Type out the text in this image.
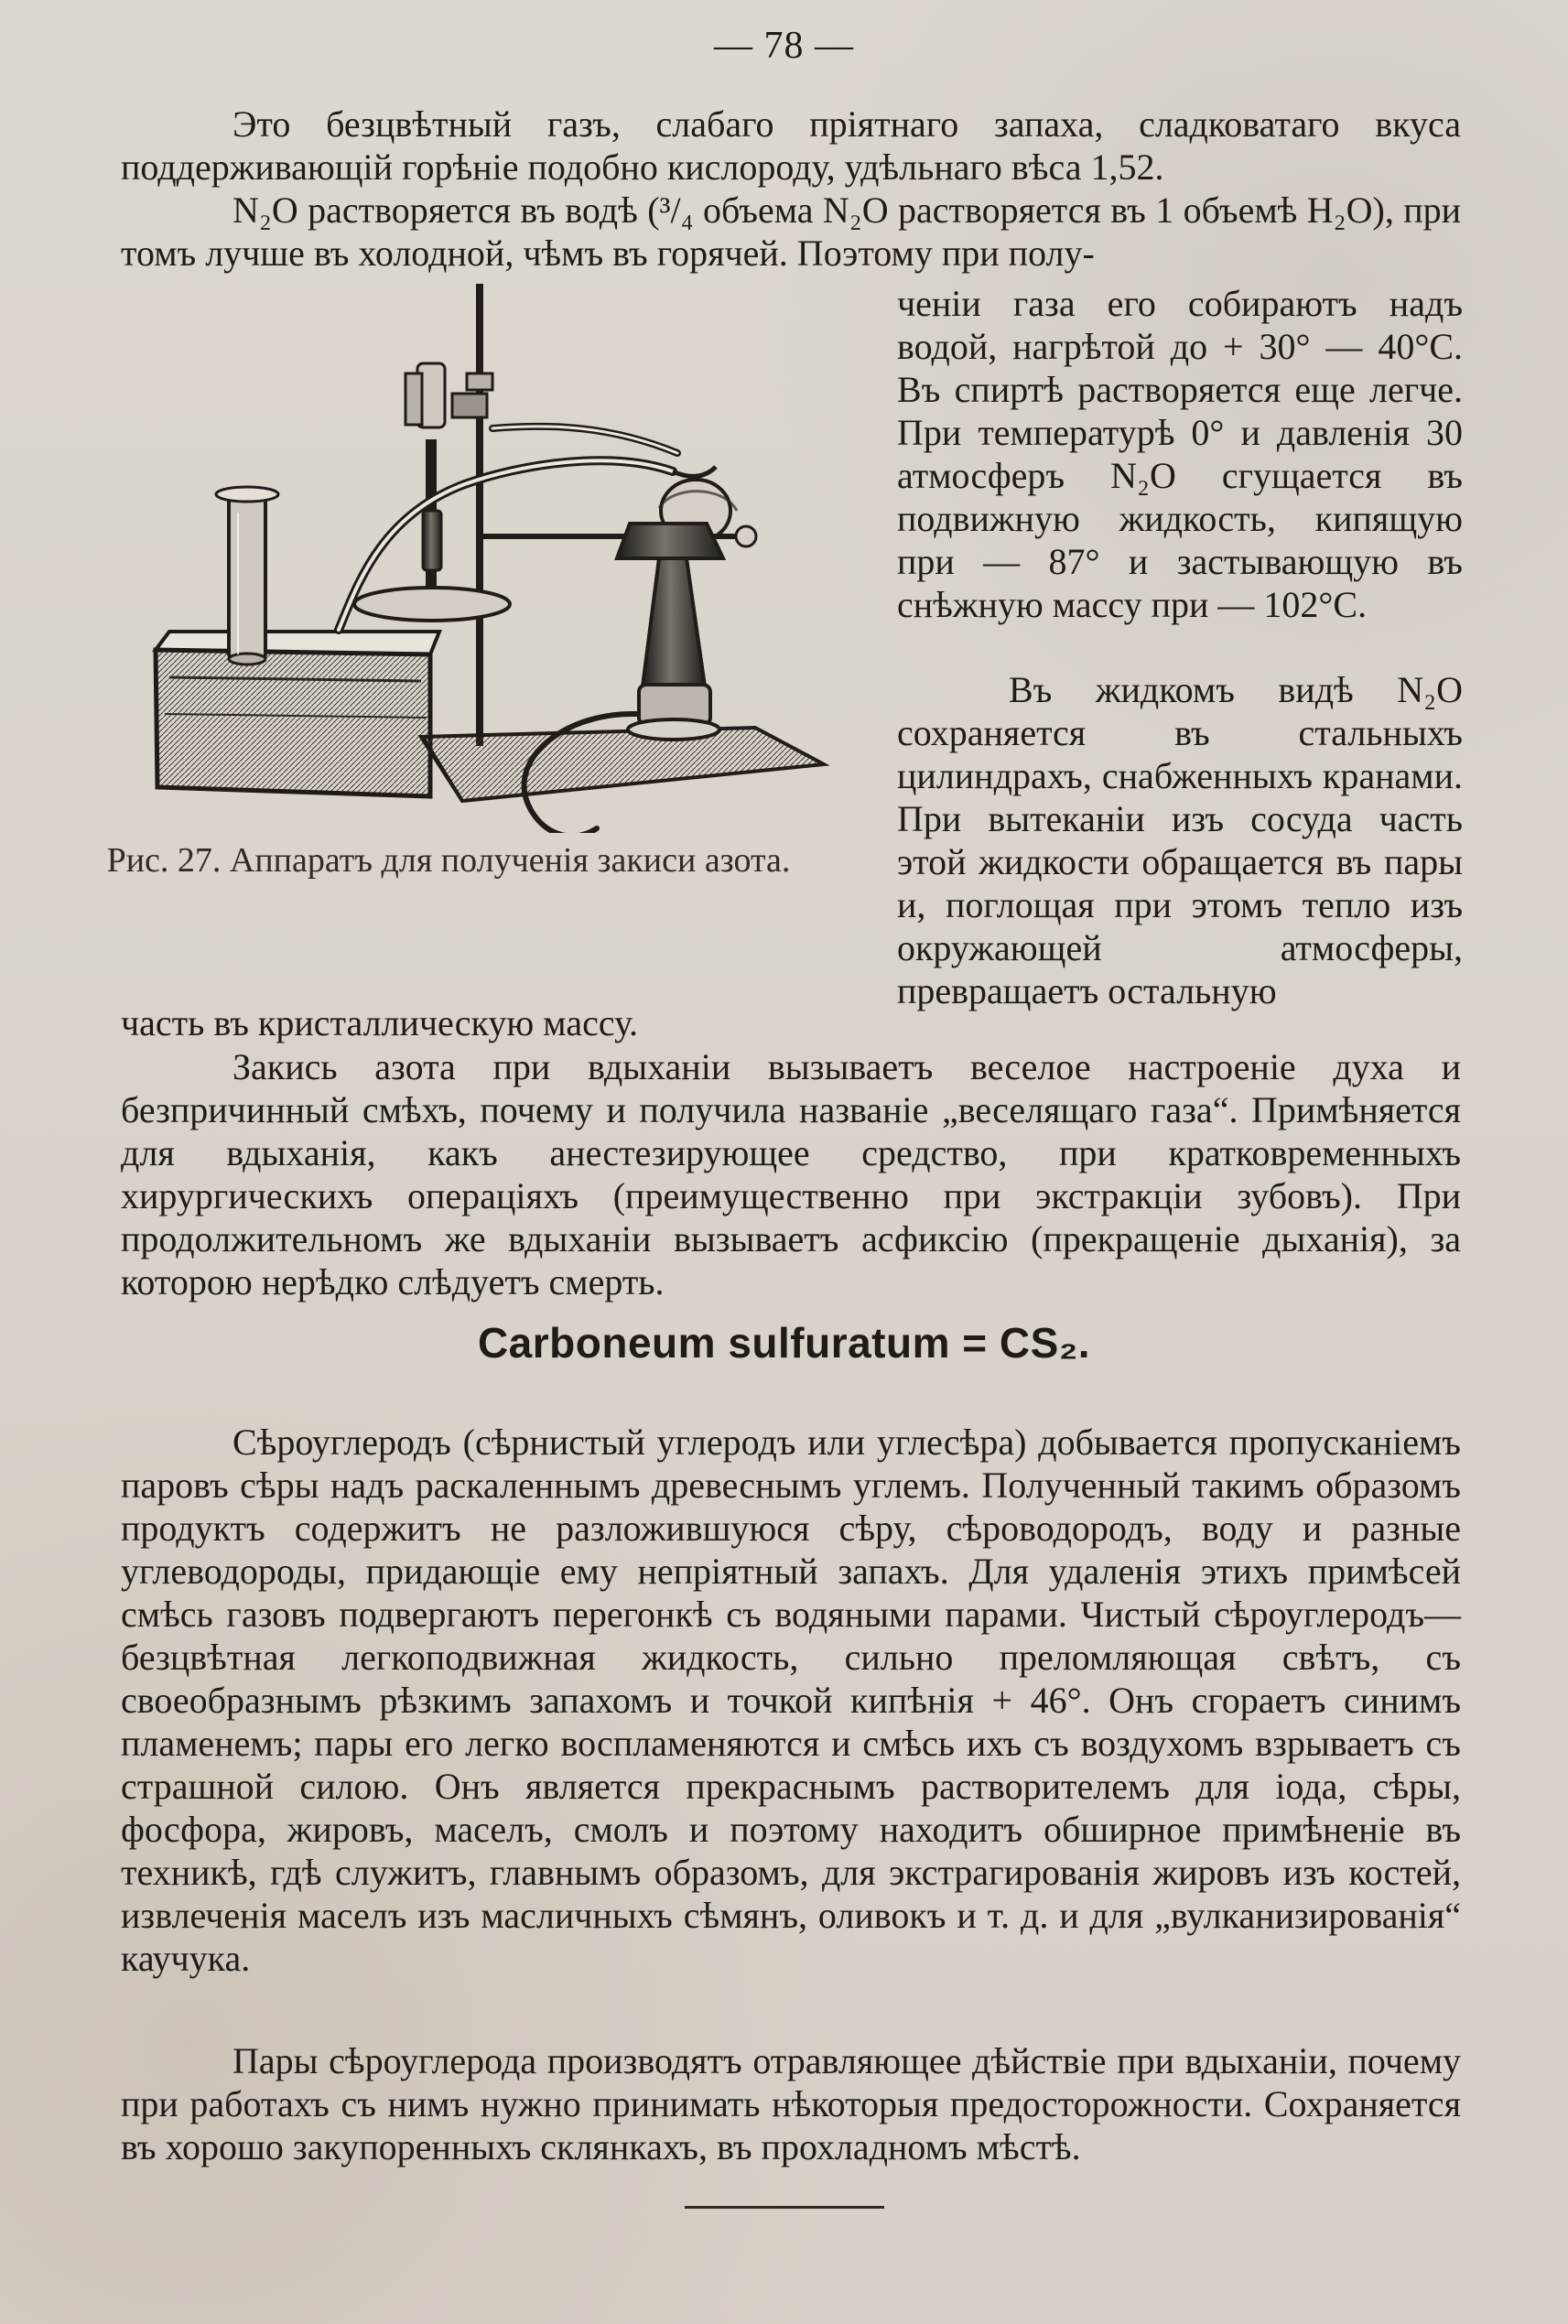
— 78 —

Это безцвѣтный газъ, слабаго пріятнаго запаха, сладковатаго вкуса поддерживающій горѣніе подобно кислороду, удѣльнаго вѣса 1,52.

N₂O растворяется въ водѣ (³/₄ объема N₂O растворяется въ 1 объемѣ H₂O), при томъ лучше въ холодной, чѣмъ въ горячей. Поэтому при полу-

ченіи газа его собираютъ надъ водой, нагрѣтой до + 30° — 40°С. Въ спиртѣ растворяется еще легче. При температурѣ 0° и давленія 30 атмосферъ N₂O сгущается въ подвижную жидкость, кипящую при — 87° и застывающую въ снѣжную массу при — 102°С.

Въ жидкомъ видѣ N₂O сохраняется въ стальныхъ цилиндрахъ, снабженныхъ кранами. При вытеканіи изъ сосуда часть этой жидкости обращается въ пары и, поглощая при этомъ тепло изъ окружающей атмосферы, превращаетъ остальную

Рис. 27. Аппаратъ для полученія закиси азота.

часть въ кристаллическую массу.

Закись азота при вдыханіи вызываетъ веселое настроеніе духа и безпричинный смѣхъ, почему и получила названіе „веселящаго газа“. Примѣняется для вдыханія, какъ анестезирующее средство, при кратковременныхъ хирургическихъ операціяхъ (преимущественно при экстракціи зубовъ). При продолжительномъ же вдыханіи вызываетъ асфиксію (прекращеніе дыханія), за которою нерѣдко слѣдуетъ смерть.

Carboneum sulfuratum = CS₂.

Сѣроуглеродъ (сѣрнистый углеродъ или углесѣра) добывается пропусканіемъ паровъ сѣры надъ раскаленнымъ древеснымъ углемъ. Полученный такимъ образомъ продуктъ содержитъ не разложившуюся сѣру, сѣроводородъ, воду и разные углеводороды, придающіе ему непріятный запахъ. Для удаленія этихъ примѣсей смѣсь газовъ подвергаютъ перегонкѣ съ водяными парами. Чистый сѣроуглеродъ—безцвѣтная легкоподвижная жидкость, сильно преломляющая свѣтъ, съ своеобразнымъ рѣзкимъ запахомъ и точкой кипѣнія + 46°. Онъ сгораетъ синимъ пламенемъ; пары его легко воспламеняются и смѣсь ихъ съ воздухомъ взрываетъ съ страшной силою. Онъ является прекраснымъ растворителемъ для іода, сѣры, фосфора, жировъ, маселъ, смолъ и поэтому находитъ обширное примѣненіе въ техникѣ, гдѣ служитъ, главнымъ образомъ, для экстрагированія жировъ изъ костей, извлеченія маселъ изъ масличныхъ сѣмянъ, оливокъ и т. д. и для „вулканизированія“ каучука.

Пары сѣроуглерода производятъ отравляющее дѣйствіе при вдыханіи, почему при работахъ съ нимъ нужно принимать нѣкоторыя предосторожности. Сохраняется въ хорошо закупоренныхъ склянкахъ, въ прохладномъ мѣстѣ.
